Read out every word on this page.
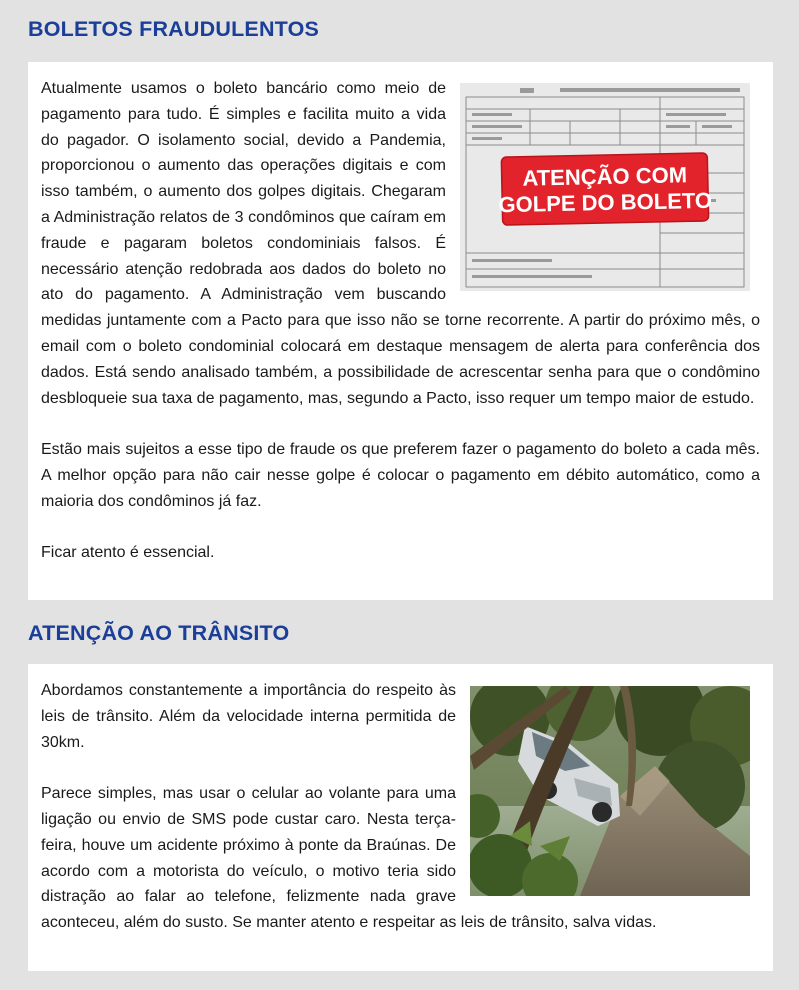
BOLETOS FRAUDULENTOS
ATENÇÃO COM
GOLPE DO BOLETO

Atualmente usamos o boleto bancário como meio de pagamento para tudo. É simples e facilita muito a vida do pagador. O isolamento social, devido a Pandemia, proporcionou o aumento das operações digitais e com isso também, o aumento dos golpes digitais. Chegaram a Administração relatos de 3 condôminos que caíram em fraude e pagaram boletos condominiais falsos. É necessário atenção redobrada aos dados do boleto no ato do pagamento. A Administração vem buscando medidas juntamente com a Pacto para que isso não se torne recorrente. A partir do próximo mês, o email com o boleto condominial colocará em destaque mensagem de alerta para conferência dos dados. Está sendo analisado também, a possibilidade de acrescentar senha para que o condômino desbloqueie sua taxa de pagamento, mas, segundo a Pacto, isso requer um tempo maior de estudo.

Estão mais sujeitos a esse tipo de fraude os que preferem fazer o pagamento do boleto a cada mês. A melhor opção para não cair nesse golpe é colocar o pagamento em débito automático, como a maioria dos condôminos já faz.

Ficar atento é essencial.

ATENÇÃO AO TRÂNSITO

Abordamos constantemente a importância do respeito às leis de trânsito. Além da velocidade interna permitida de 30km.

Parece simples, mas usar o celular ao volante para uma ligação ou envio de SMS pode custar caro. Nesta terça-feira, houve um acidente próximo à ponte da Braúnas. De acordo com a motorista do veículo, o motivo teria sido distração ao falar ao telefone, felizmente nada grave aconteceu, além do susto. Se manter atento e respeitar as leis de trânsito, salva vidas.
